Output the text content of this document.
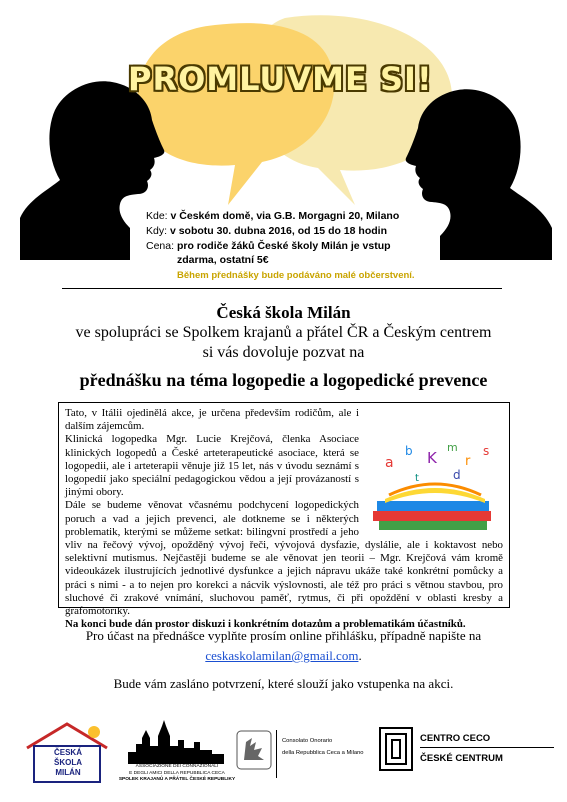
PROMLUVME SI!
Kde: v Českém domě, via G.B. Morgagni 20, Milano
Kdy: v sobotu 30. dubna 2016, od 15 do 18 hodin
Cena: pro rodiče žáků České školy Milán je vstup
zdarma, ostatní 5€
Během přednášky bude podáváno malé občerstvení.
Česká škola Milán
ve spolupráci se Spolkem krajanů a přátel ČR a Českým centrem
si vás dovoluje pozvat na
přednášku na téma logopedie a logopedické prevence
a
b K
m
r
s
t	d

Tato, v Itálii ojedinělá akce, je určena především rodičům, ale i dalším zájemcům.

Klinická logopedka Mgr. Lucie Krejčová, členka Asociace klinických logopedů a České arteterapeutické asociace, která se logopedii, ale i arteterapii věnuje již 15 let, nás v úvodu seznámí s logopedií jako speciální pedagogickou vědou a její provázaností s jinými obory.

Dále se budeme věnovat včasnému podchycení logopedických poruch a vad a jejich prevenci, ale dotkneme se i některých problematik, kterými se můžeme setkat: bilingvní prostředí a jeho vliv na řečový vývoj, opožděný vývoj řeči, vývojová dysfazie, dyslálie, ale i koktavost nebo selektivní mutismus. Nejčastěji budeme se ale věnovat jen teorii – Mgr. Krejčová vám kromě videoukázek ilustrujících jednotlivé dysfunkce a jejich nápravu ukáže také konkrétní pomůcky a práci s nimi - a to nejen pro korekci a nácvik výslovnosti, ale též pro práci s větnou stavbou, pro sluchové či zrakové vnímání, sluchovou paměť, rytmus, či při opoždění v oblasti kresby a grafomotoriky.

Na konci bude dán prostor diskuzi i konkrétním dotazům a problematikám účastníků.

Pro účast na přednášce vyplňte prosím online přihlášku, případně napište na
ceskaskolamilan@gmail.com.
Bude vám zasláno potvrzení, které slouží jako vstupenka na akci.
ČESKÁ
ŠKOLA
MILÁN
ASSOCIAZIONE DEI CONNAZIONALI
E DEGLI AMICI DELLA REPUBBLICA CECA
SPOLEK KRAJANŮ A PŘÁTEL ČESKÉ REPUBLIKY
Consolato Onorario
della Repubblica Ceca a Milano
CENTRO CECO
ČESKÉ CENTRUM
